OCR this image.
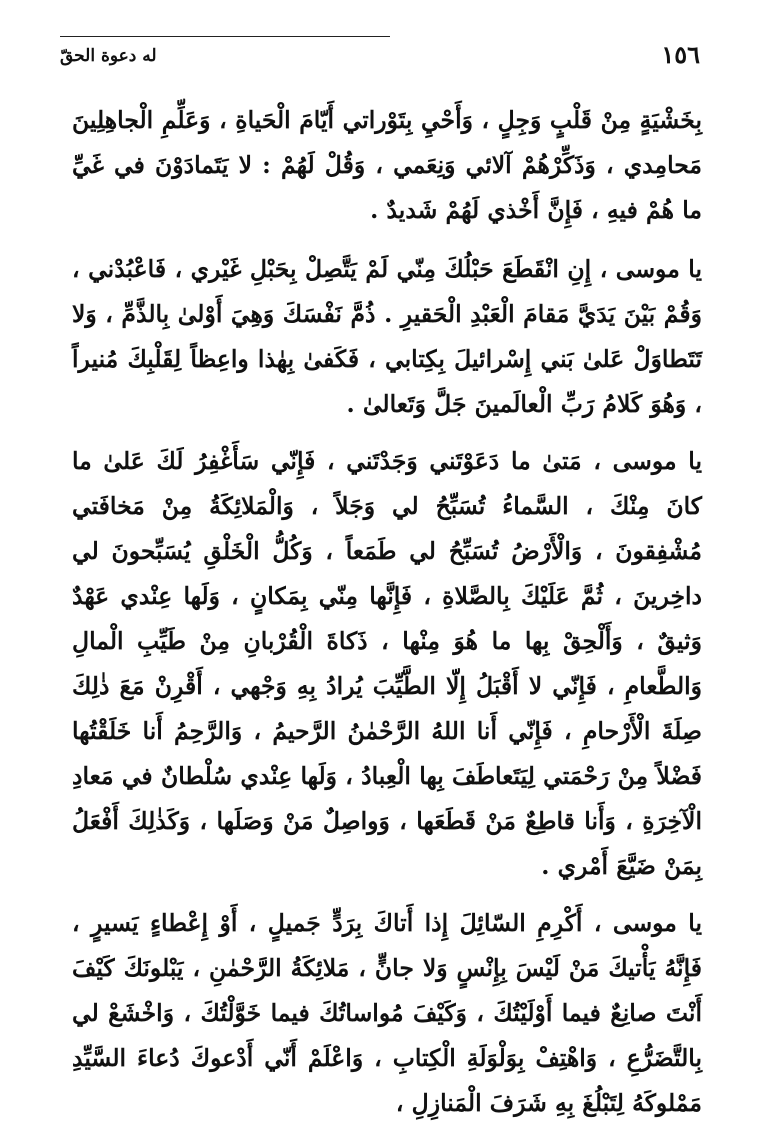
له دعوة الحقّ	١٥٦

بِخَشْيَةٍ مِنْ قَلْبٍ وَجِلٍ ، وَأَحْيِ بِتَوْراتي أَيّامَ الْحَياةِ ، وَعَلِّمِ الْجاهِلِينَ مَحامِدي ، وَذَكِّرْهُمْ آلائي وَنِعَمي ، وَقُلْ لَهُمْ : لا يَتَمادَوْنَ في غَيِّ ما هُمْ فيهِ ، فَإِنَّ أَخْذي لَهُمْ شَديدٌ .

يا موسى ، إِنِ انْقَطَعَ حَبْلُكَ مِنّي لَمْ يَتَّصِلْ بِحَبْلِ غَيْري ، فَاعْبُدْني ، وَقُمْ بَيْنَ يَدَيَّ مَقامَ الْعَبْدِ الْحَقيرِ . ذُمَّ نَفْسَكَ وَهِيَ أَوْلىٰ بِالذَّمِّ ، وَلا تَتَطاوَلْ عَلىٰ بَني إِسْرائيلَ بِكِتابي ، فَكَفىٰ بِهٰذا واعِظاً لِقَلْبِكَ مُنيراً ، وَهُوَ كَلامُ رَبِّ الْعالَمينَ جَلَّ وَتَعالىٰ .

يا موسى ، مَتىٰ ما دَعَوْتَني وَجَدْتَني ، فَإِنّي سَأَغْفِرُ لَكَ عَلىٰ ما كانَ مِنْكَ ، السَّماءُ تُسَبِّحُ لي وَجَلاً ، وَالْمَلائِكَةُ مِنْ مَخافَتي مُشْفِقونَ ، وَالْأَرْضُ تُسَبِّحُ لي طَمَعاً ، وَكُلُّ الْخَلْقِ يُسَبِّحونَ لي داخِرينَ ، ثُمَّ عَلَيْكَ بِالصَّلاةِ ، فَإِنَّها مِنّي بِمَكانٍ ، وَلَها عِنْدي عَهْدٌ وَثيقٌ ، وَأَلْحِقْ بِها ما هُوَ مِنْها ، ذَكاةَ الْقُرْبانِ مِنْ طَيِّبِ الْمالِ وَالطَّعامِ ، فَإِنّي لا أَقْبَلُ إِلّا الطَّيِّبَ يُرادُ بِهِ وَجْهي ، أَقْرِنْ مَعَ ذٰلِكَ صِلَةَ الْأَرْحامِ ، فَإِنّي أَنا اللهُ الرَّحْمٰنُ الرَّحيمُ ، وَالرَّحِمُ أَنا خَلَقْتُها فَضْلاً مِنْ رَحْمَتي لِيَتَعاطَفَ بِها الْعِبادُ ، وَلَها عِنْدي سُلْطانٌ في مَعادِ الْآخِرَةِ ، وَأَنا قاطِعٌ مَنْ قَطَعَها ، وَواصِلٌ مَنْ وَصَلَها ، وَكَذٰلِكَ أَفْعَلُ بِمَنْ ضَيَّعَ أَمْري .

يا موسى ، أَكْرِمِ السّائِلَ إِذا أَتاكَ بِرَدٍّ جَميلٍ ، أَوْ إِعْطاءٍ يَسيرٍ ، فَإِنَّهُ يَأْتيكَ مَنْ لَيْسَ بِإِنْسٍ وَلا جانٍّ ، مَلائِكَةُ الرَّحْمٰنِ ، يَبْلونَكَ كَيْفَ أَنْتَ صانِعٌ فيما أَوْلَيْتُكَ ، وَكَيْفَ مُواساتُكَ فيما خَوَّلْتُكَ ، وَاخْشَعْ لي بِالتَّضَرُّعِ ، وَاهْتِفْ بِوَلْوَلَةِ الْكِتابِ ، وَاعْلَمْ أَنّي أَدْعوكَ دُعاءَ السَّيِّدِ مَمْلوكَهُ لِتَبْلُغَ بِهِ شَرَفَ الْمَنازِلِ ،
